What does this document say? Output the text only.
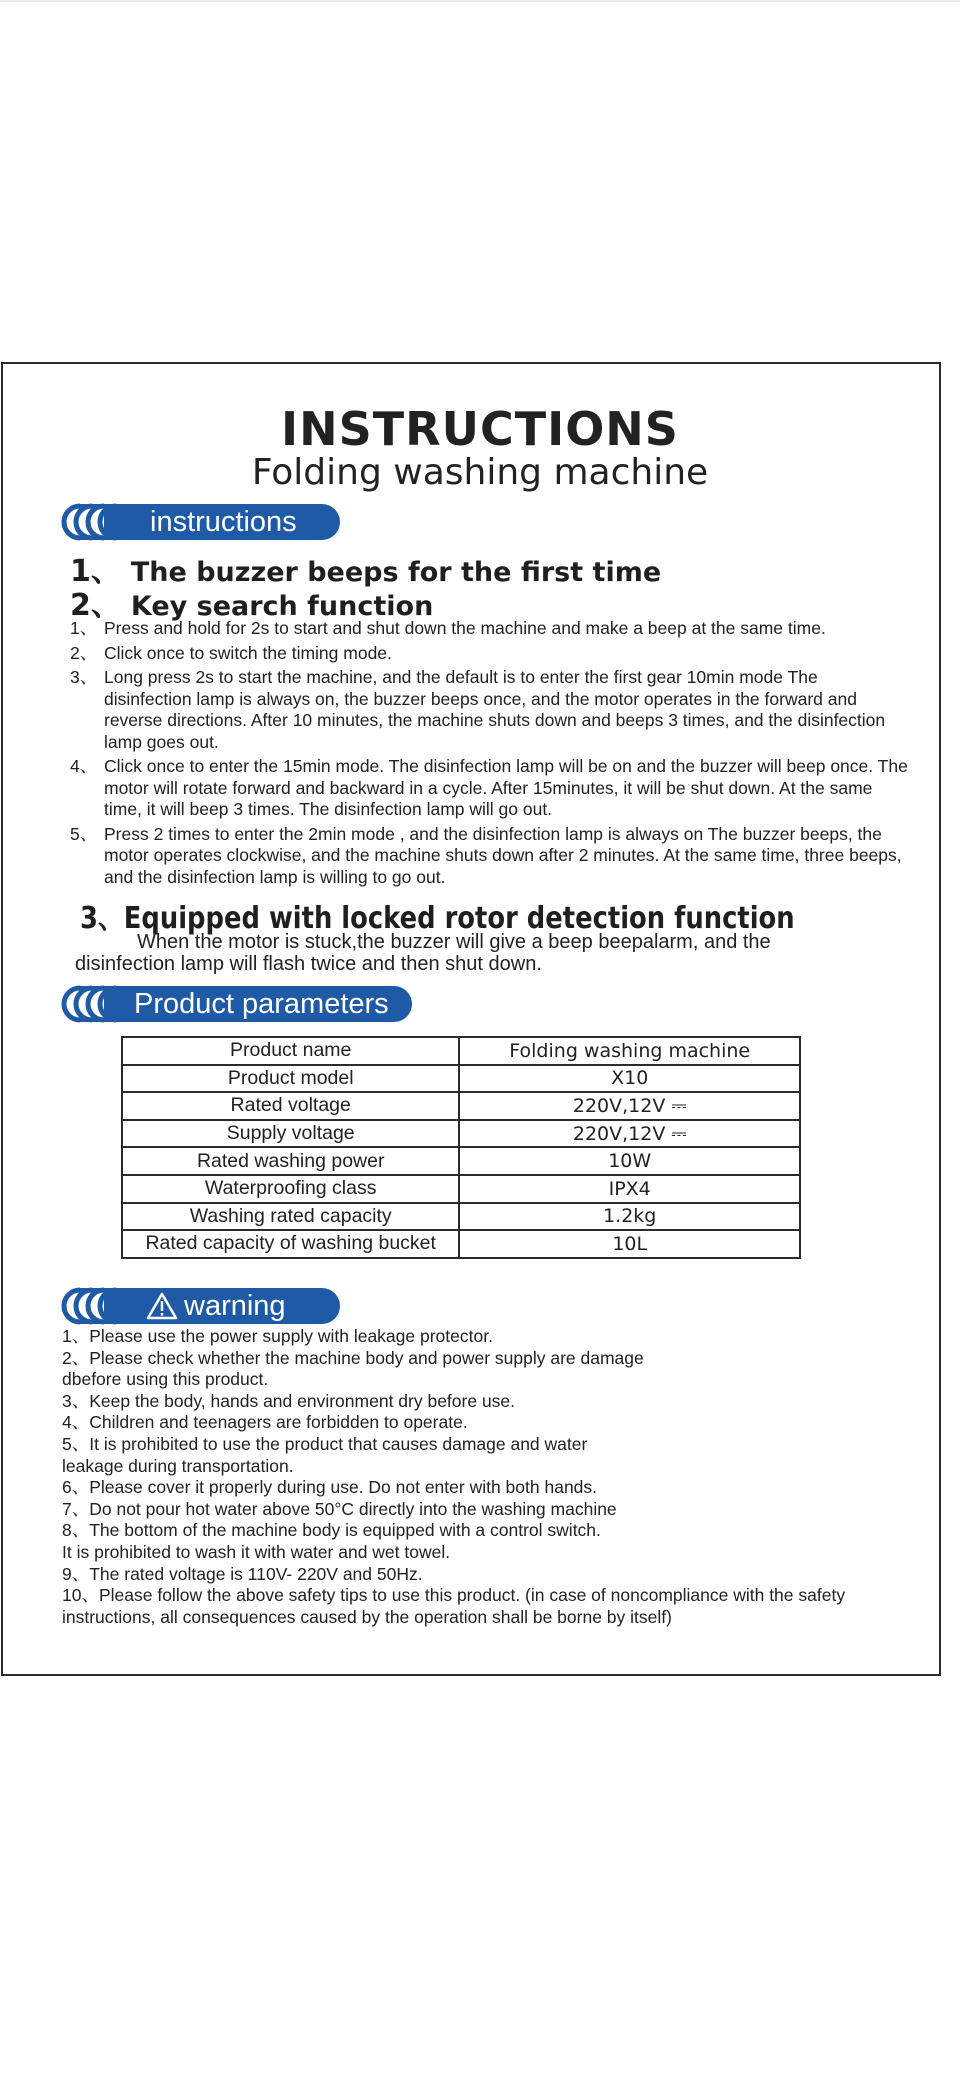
INSTRUCTIONS
Folding washing machine
instructions
1、 The buzzer beeps for the first time
2、 Key search function
1、 Press and hold for 2s to start and shut down the machine and make a beep at the same time.
2、 Click once to switch the timing mode.
3、 Long press 2s to start the machine, and the default is to enter the first gear 10min mode The disinfection lamp is always on, the buzzer beeps once, and the motor operates in the forward and reverse directions. After 10 minutes, the machine shuts down and beeps 3 times, and the disinfection lamp goes out.
4、 Click once to enter the 15min mode. The disinfection lamp will be on and the buzzer will beep once. The motor will rotate forward and backward in a cycle. After 15minutes, it will be shut down. At the same time, it will beep 3 times. The disinfection lamp will go out.
5、 Press 2 times to enter the 2min mode , and the disinfection lamp is always on The buzzer beeps, the motor operates clockwise, and the machine shuts down after 2 minutes. At the same time, three beeps, and the disinfection lamp is willing to go out.
3、Equipped with locked rotor detection function
When the motor is stuck,the buzzer will give a beep beepalarm, and the disinfection lamp will flash twice and then shut down.
Product parameters
Product name	Folding washing machine
Product model	X10
Rated voltage	220V,12V ⎓
Supply voltage	220V,12V ⎓
Rated washing power	10W
Waterproofing class	IPX4
Washing rated capacity	1.2kg
Rated capacity of washing bucket	10L
warning
1、Please use the power supply with leakage protector.
2、Please check whether the machine body and power supply are damage
dbefore using this product.
3、Keep the body, hands and environment dry before use.
4、Children and teenagers are forbidden to operate.
5、It is prohibited to use the product that causes damage and water
leakage during transportation.
6、Please cover it properly during use. Do not enter with both hands.
7、Do not pour hot water above 50°C directly into the washing machine
8、The bottom of the machine body is equipped with a control switch.
It is prohibited to wash it with water and wet towel.
9、The rated voltage is 110V- 220V and 50Hz.
10、Please follow the above safety tips to use this product. (in case of noncompliance with the safety
instructions, all consequences caused by the operation shall be borne by itself)
